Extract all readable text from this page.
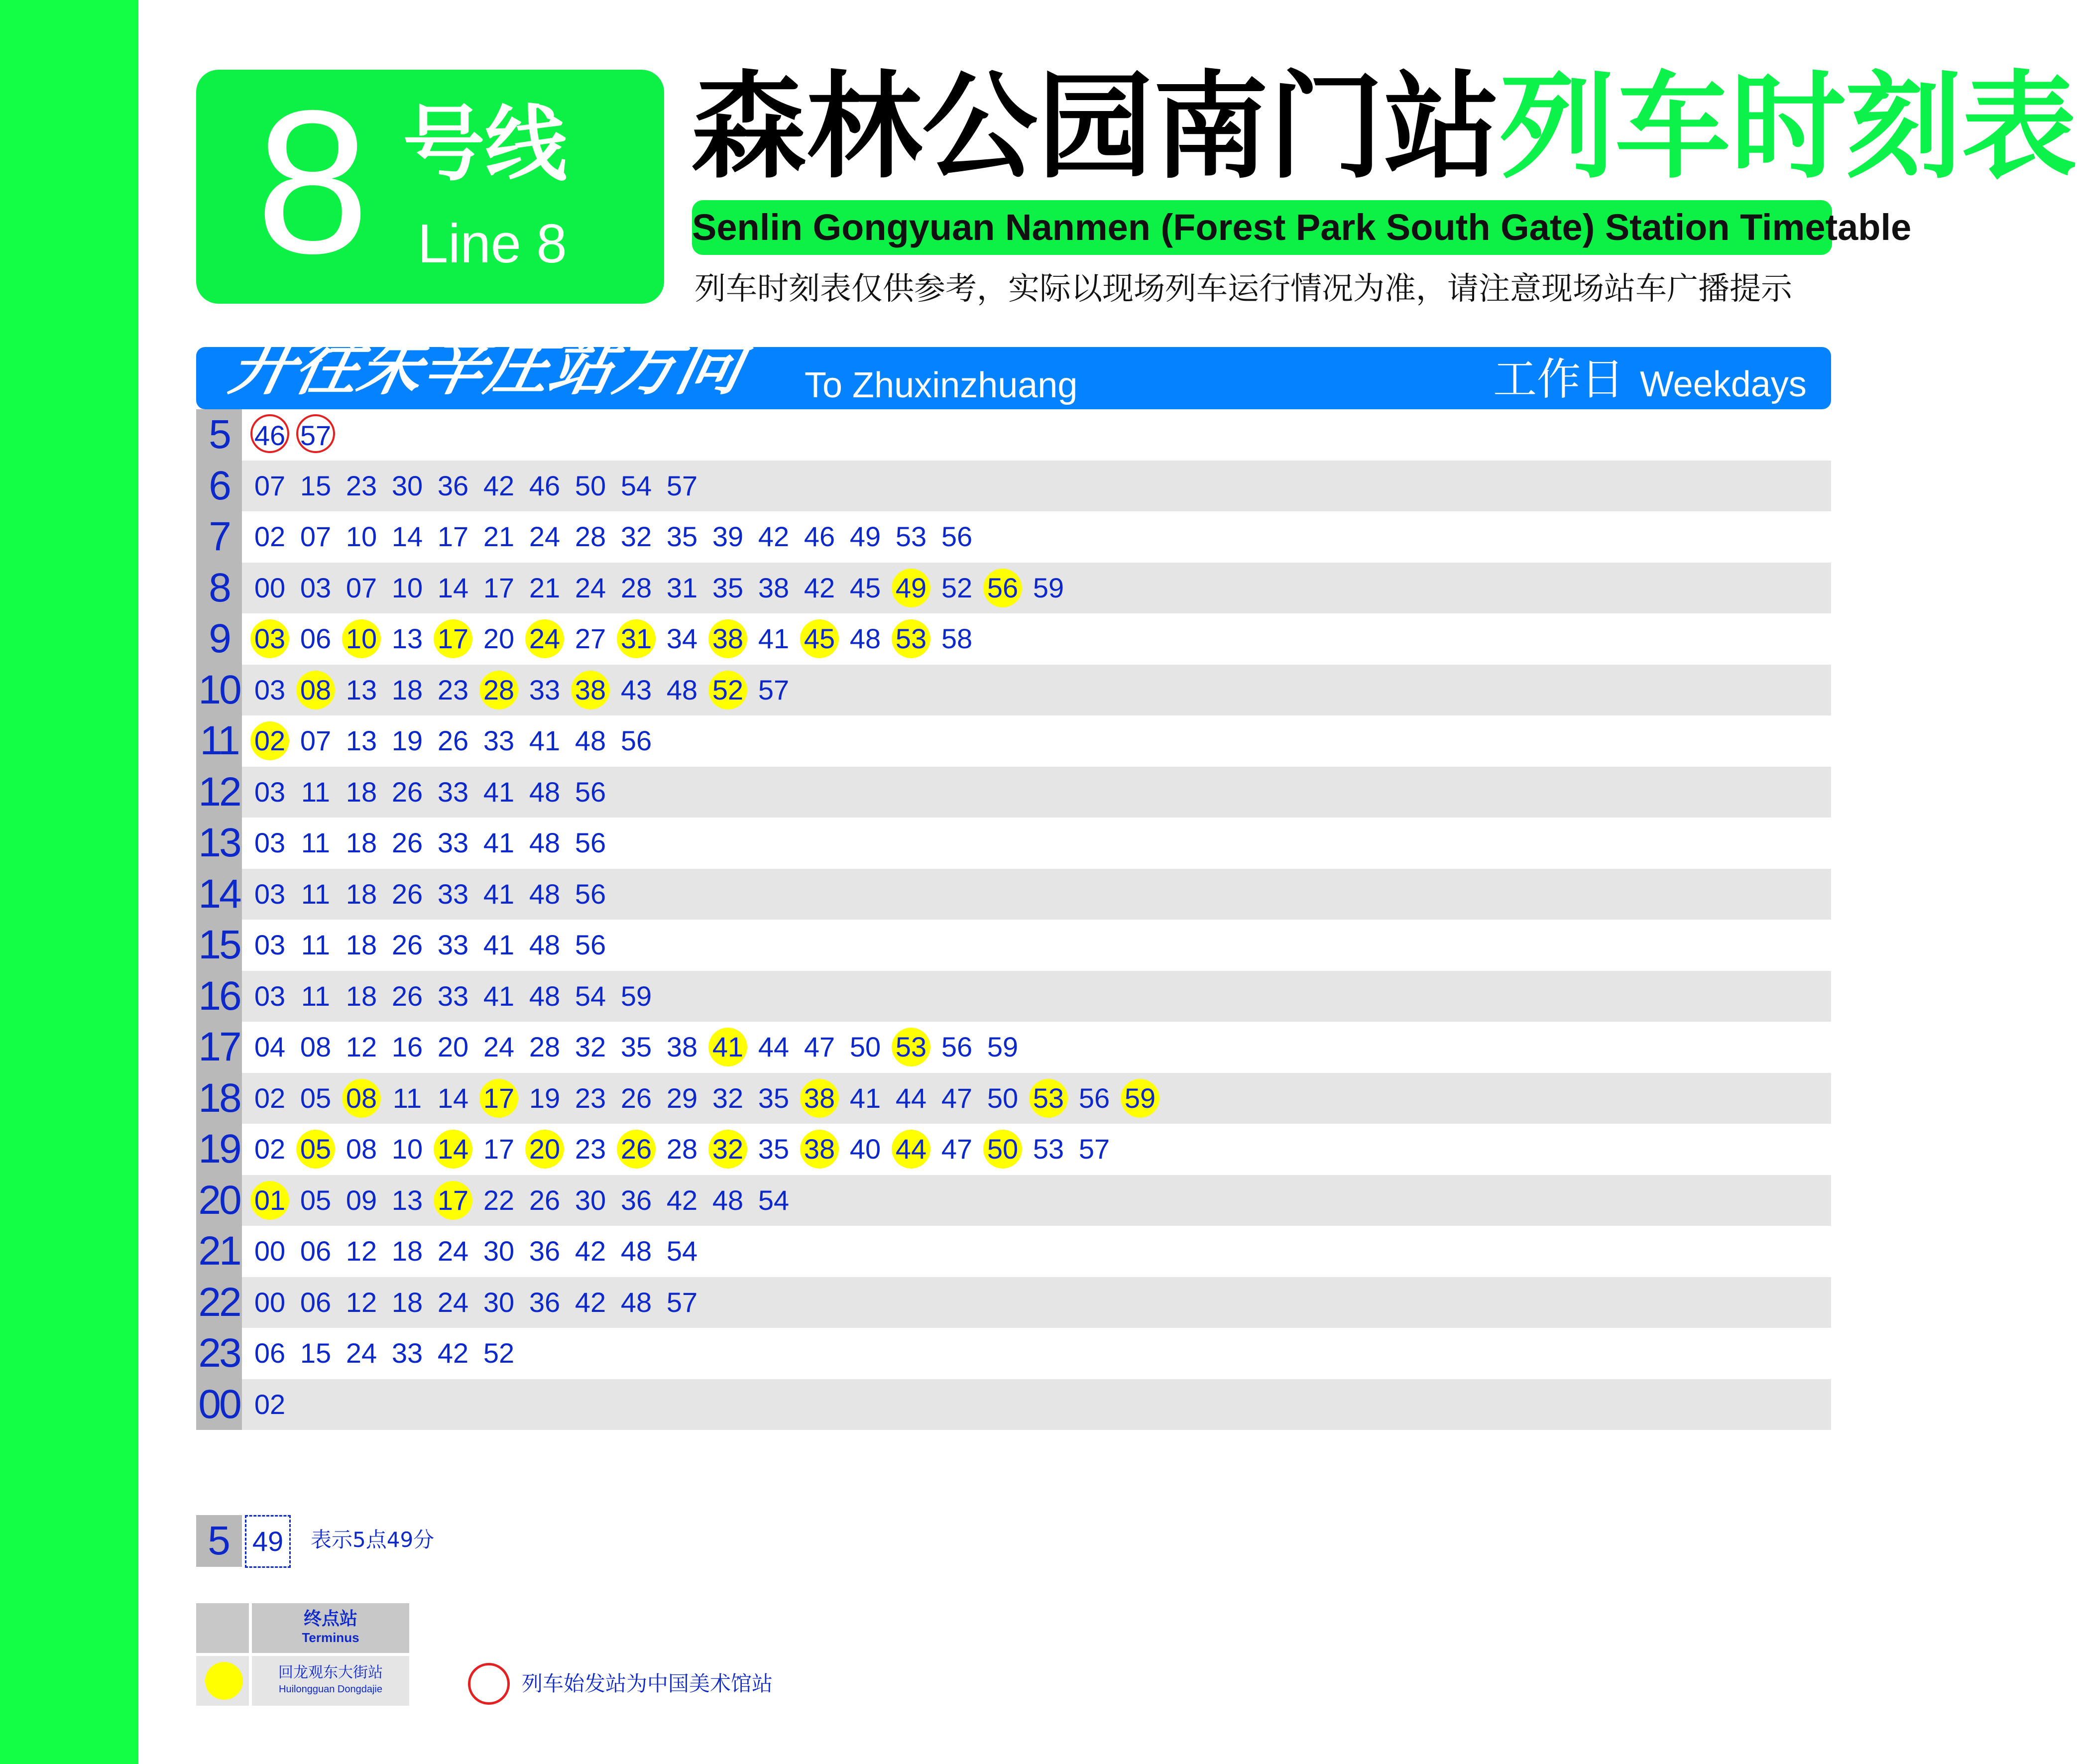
8 号线
Line 8
森林公园南门站列车时刻表
Senlin Gongyuan Nanmen (Forest Park South Gate) Station Timetable
列车时刻表仅供参考，实际以现场列车运行情况为准，请注意现场站车广播提示
开往朱辛庄站方向 To Zhuxinzhuang	工作日 Weekdays
5 46 57
6 07 15 23 30 36 42 46 50 54 57
7 02 07 10 14 17 21 24 28 32 35 39 42 46 49 53 56
8 00 03 07 10 14 17 21 24 28 31 35 38 42 45 49 52 56 59
9 03 06 10 13 17 20 24 27 31 34 38 41 45 48 53 58
10 03 08 13 18 23 28 33 38 43 48 52 57
11 02 07 13 19 26 33 41 48 56
12 03 11 18 26 33 41 48 56
13 03 11 18 26 33 41 48 56
14 03 11 18 26 33 41 48 56
15 03 11 18 26 33 41 48 56
16 03 11 18 26 33 41 48 54 59
17 04 08 12 16 20 24 28 32 35 38 41 44 47 50 53 56 59
18 02 05 08 11 14 17 19 23 26 29 32 35 38 41 44 47 50 53 56 59
19 02 05 08 10 14 17 20 23 26 28 32 35 38 40 44 47 50 53 57
20 01 05 09 13 17 22 26 30 36 42 48 54
21 00 06 12 18 24 30 36 42 48 54
22 00 06 12 18 24 30 36 42 48 57
23 06 15 24 33 42 52
00 02
5 49	表示5点49分
终点站
Terminus
回龙观东大街站
Huilongguan Dongdajie	列车始发站为中国美术馆站
